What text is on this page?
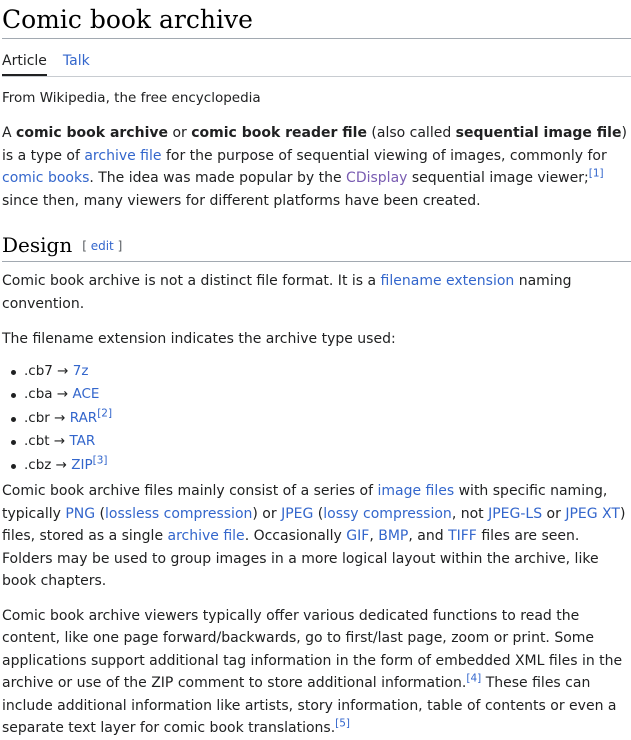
Comic book archive
Article Talk
From Wikipedia, the free encyclopedia

A comic book archive or comic book reader file (also called sequential image file) is a type of archive file for the purpose of sequential viewing of images, commonly for comic books. The idea was made popular by the CDisplay sequential image viewer;[1] since then, many viewers for different platforms have been created.

Design [ edit ]

Comic book archive is not a distinct file format. It is a filename extension naming convention.

The filename extension indicates the archive type used:

.cb7 → 7z
.cba → ACE
.cbr → RAR[2]
.cbt → TAR
.cbz → ZIP[3]

Comic book archive files mainly consist of a series of image files with specific naming, typically PNG (lossless compression) or JPEG (lossy compression, not JPEG-LS or JPEG XT) files, stored as a single archive file. Occasionally GIF, BMP, and TIFF files are seen. Folders may be used to group images in a more logical layout within the archive, like book chapters.

Comic book archive viewers typically offer various dedicated functions to read the content, like one page forward/backwards, go to first/last page, zoom or print. Some applications support additional tag information in the form of embedded XML files in the archive or use of the ZIP comment to store additional information.[4] These files can include additional information like artists, story information, table of contents or even a separate text layer for comic book translations.[5]
